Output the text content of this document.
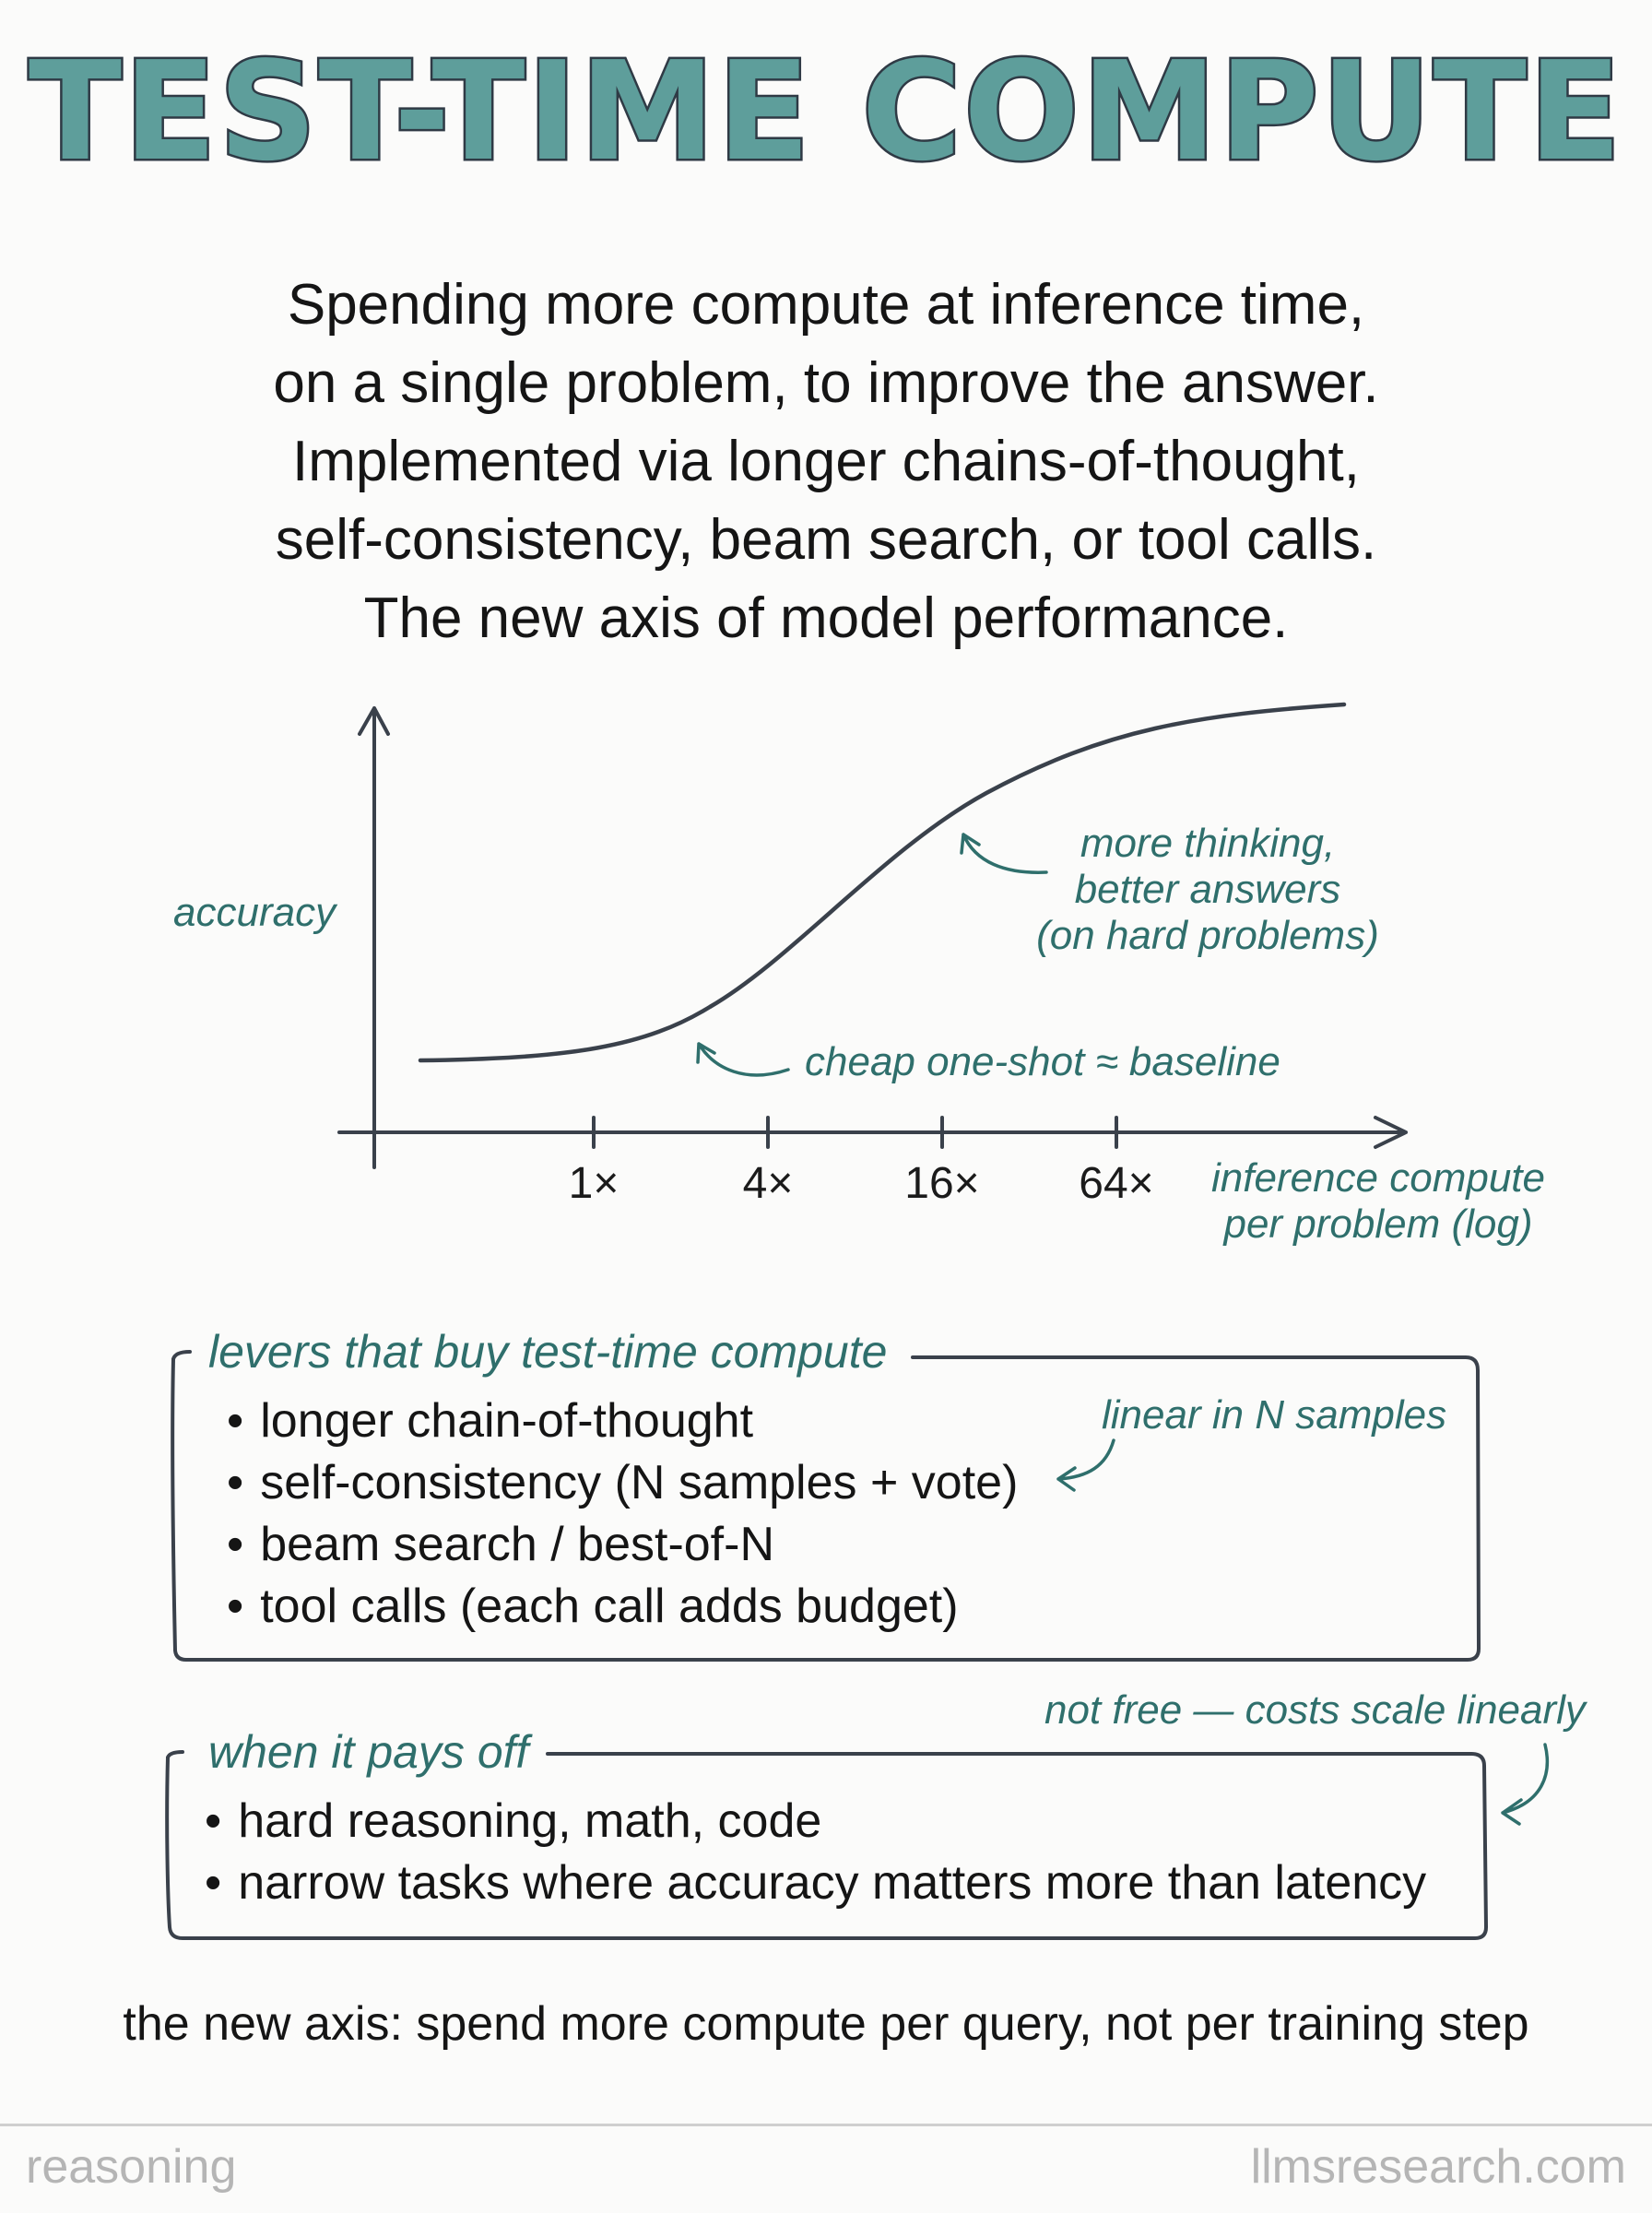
TEST-TIME COMPUTE
Spending more compute at inference time,
on a single problem, to improve the answer.
Implemented via longer chains-of-thought,
self-consistency, beam search, or tool calls.
The new axis of model performance.
accuracy
more thinking,
better answers
(on hard problems)
cheap one-shot ≈ baseline
1×	4×	16×	64×	inference compute
per problem (log)
levers that buy test-time compute
• longer chain-of-thought
• self-consistency (N samples + vote)
• beam search / best-of-N
• tool calls (each call adds budget)
linear in N samples
not free — costs scale linearly
when it pays off
• hard reasoning, math, code
• narrow tasks where accuracy matters more than latency
the new axis: spend more compute per query, not per training step
reasoning	llmsresearch.com
